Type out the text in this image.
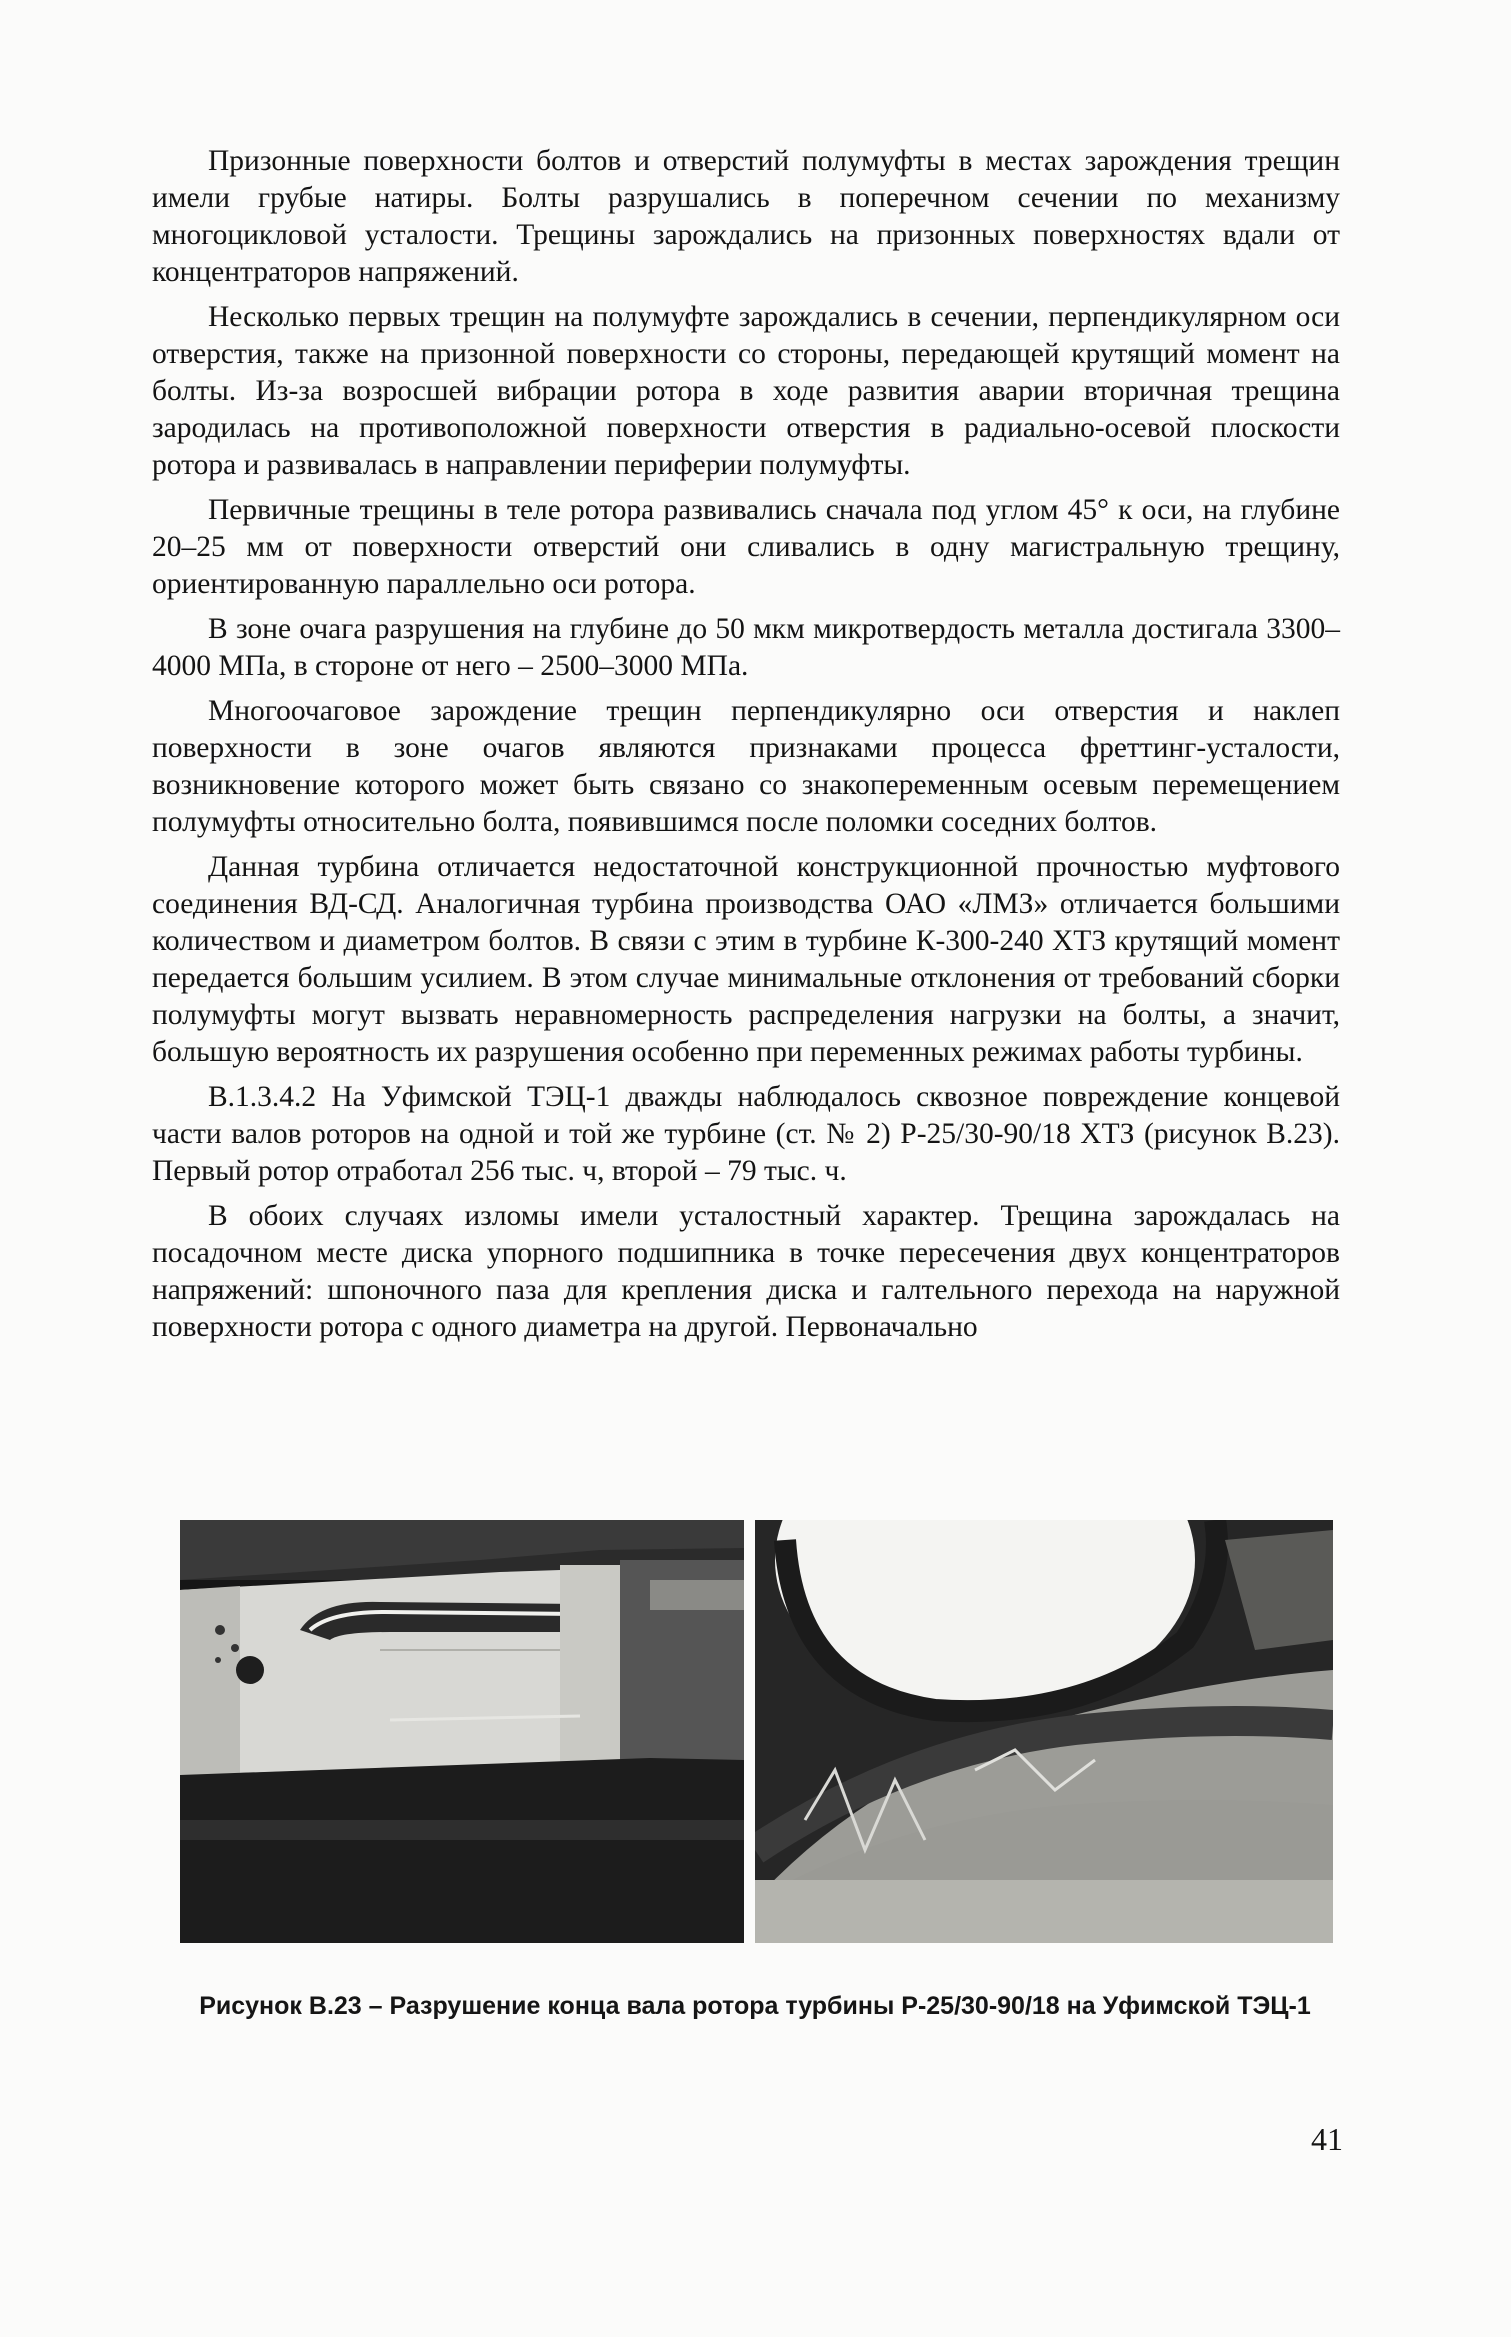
Призонные поверхности болтов и отверстий полумуфты в местах зарождения трещин имели грубые натиры. Болты разрушались в поперечном сечении по механизму многоцикловой усталости. Трещины зарождались на призонных поверхностях вдали от концентраторов напряжений.

Несколько первых трещин на полумуфте зарождались в сечении, перпендикулярном оси отверстия, также на призонной поверхности со стороны, передающей крутящий момент на болты. Из-за возросшей вибрации ротора в ходе развития аварии вторичная трещина зародилась на противоположной поверхности отверстия в радиально-осевой плоскости ротора и развивалась в направлении периферии полумуфты.

Первичные трещины в теле ротора развивались сначала под углом 45° к оси, на глубине 20–25 мм от поверхности отверстий они сливались в одну магистральную трещину, ориентированную параллельно оси ротора.

В зоне очага разрушения на глубине до 50 мкм микротвердость металла достигала 3300–4000 МПа, в стороне от него – 2500–3000 МПа.

Многоочаговое зарождение трещин перпендикулярно оси отверстия и наклеп поверхности в зоне очагов являются признаками процесса фреттинг-усталости, возникновение которого может быть связано со знакопеременным осевым перемещением полумуфты относительно болта, появившимся после поломки соседних болтов.

Данная турбина отличается недостаточной конструкционной прочностью муфтового соединения ВД-СД. Аналогичная турбина производства ОАО «ЛМЗ» отличается большими количеством и диаметром болтов. В связи с этим в турбине К-300-240 ХТЗ крутящий момент передается большим усилием. В этом случае минимальные отклонения от требований сборки полумуфты могут вызвать неравномерность распределения нагрузки на болты, а значит, большую вероятность их разрушения особенно при переменных режимах работы турбины.

В.1.3.4.2 На Уфимской ТЭЦ-1 дважды наблюдалось сквозное повреждение концевой части валов роторов на одной и той же турбине (ст. № 2) Р-25/30-90/18 ХТЗ (рисунок В.23). Первый ротор отработал 256 тыс. ч, второй – 79 тыс. ч.

В обоих случаях изломы имели усталостный характер. Трещина зарождалась на посадочном месте диска упорного подшипника в точке пересечения двух концентраторов напряжений: шпоночного паза для крепления диска и галтельного перехода на наружной поверхности ротора с одного диаметра на другой. Первоначально

Рисунок В.23 – Разрушение конца вала ротора турбины Р-25/30-90/18 на Уфимской ТЭЦ-1
41
